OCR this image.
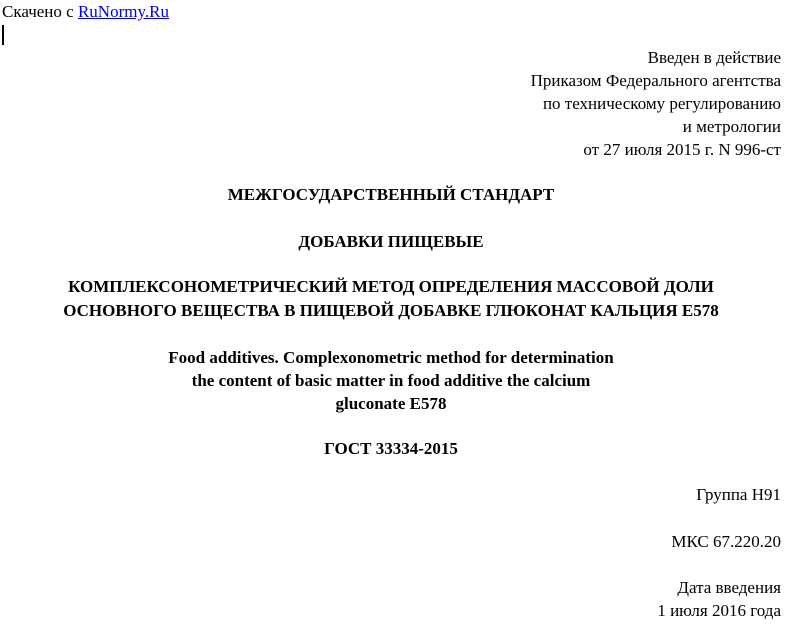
Скачено с RuNormy.Ru
Введен в действие
Приказом Федерального агентства
по техническому регулированию
и метрологии
от 27 июля 2015 г. N 996-ст
МЕЖГОСУДАРСТВЕННЫЙ СТАНДАРТ
ДОБАВКИ ПИЩЕВЫЕ
КОМПЛЕКСОНОМЕТРИЧЕСКИЙ МЕТОД ОПРЕДЕЛЕНИЯ МАССОВОЙ ДОЛИ
ОСНОВНОГО ВЕЩЕСТВА В ПИЩЕВОЙ ДОБАВКЕ ГЛЮКОНАТ КАЛЬЦИЯ Е578
Food additives. Complexonometric method for determination
the content of basic matter in food additive the calcium
gluconate E578
ГОСТ 33334-2015
Группа Н91
МКС 67.220.20
Дата введения
1 июля 2016 года
